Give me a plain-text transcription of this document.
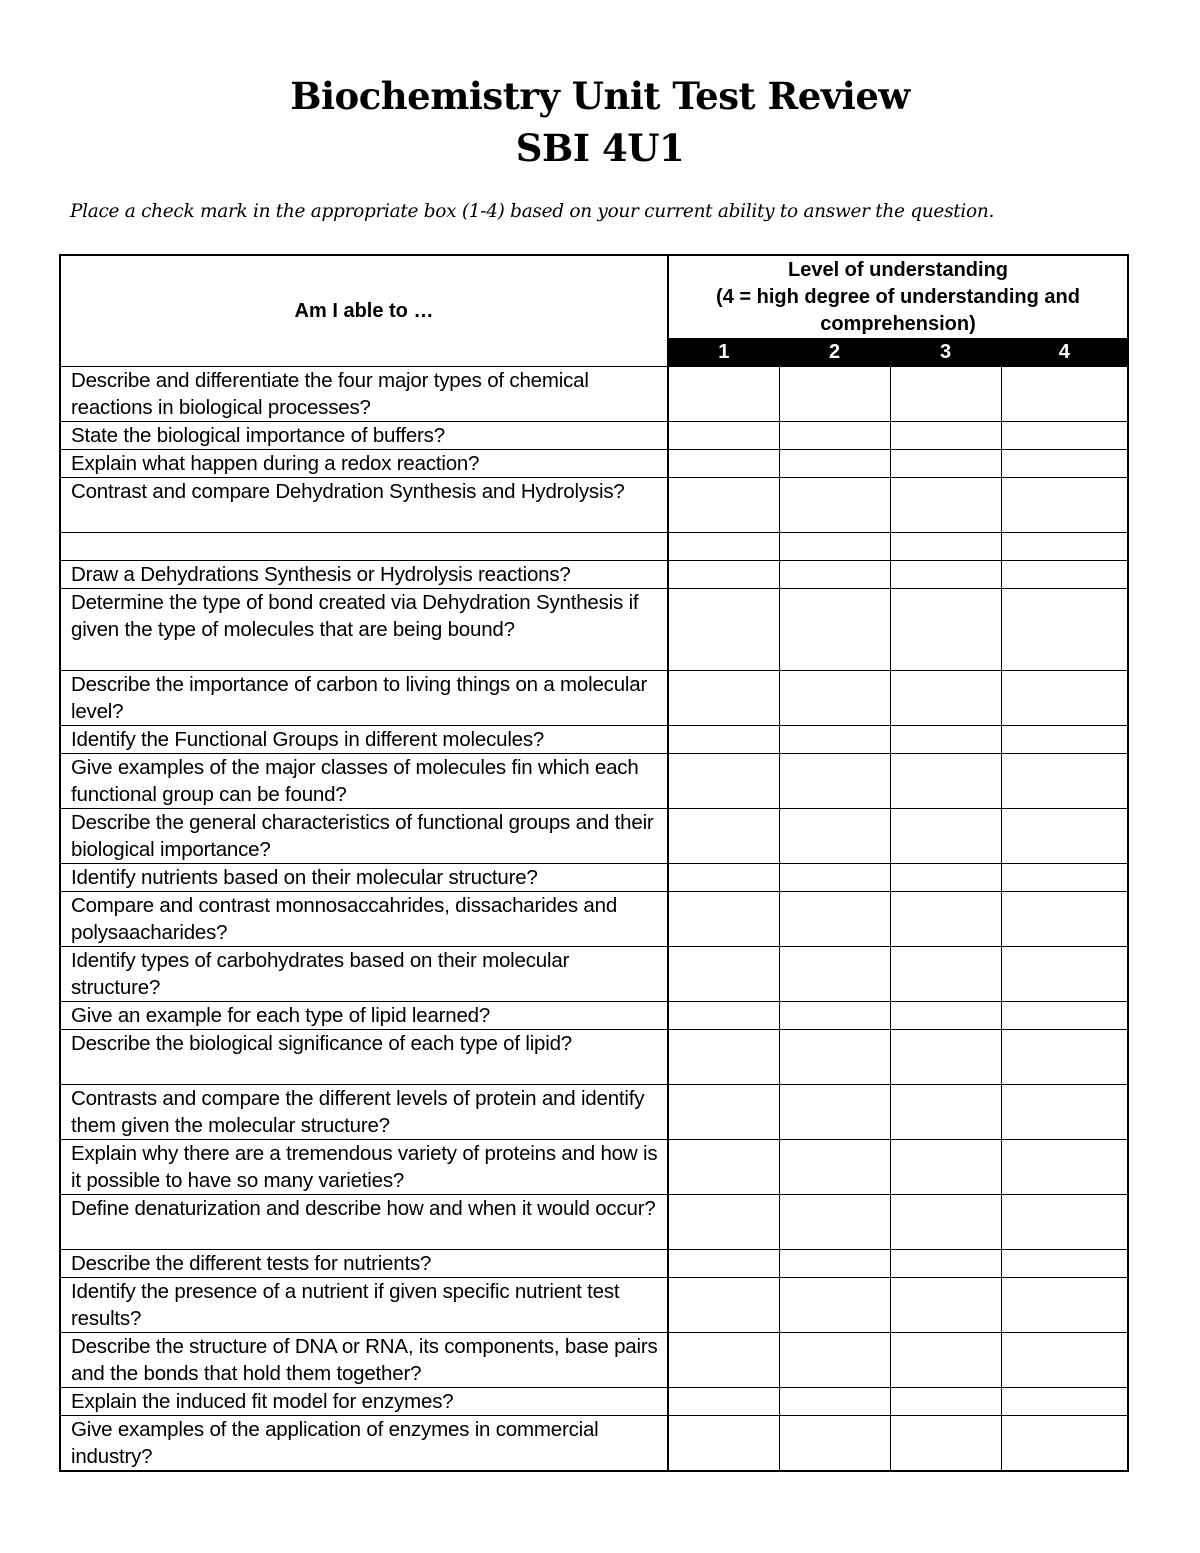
Biochemistry Unit Test Review
SBI 4U1

Place a check mark in the appropriate box (1-4) based on your current ability to answer the question.

Am I able to …	Level of understanding
(4 = high degree of understanding and comprehension)			
	1	2	3	4
Describe and differentiate the four major types of chemical reactions in biological processes?				
State the biological importance of buffers?				
Explain what happen during a redox reaction?				
Contrast and compare Dehydration Synthesis and Hydrolysis?				

Draw a Dehydrations Synthesis or Hydrolysis reactions?				
Determine the type of bond created via Dehydration Synthesis if given the type of molecules that are being bound?				
Describe the importance of carbon to living things on a molecular level?				
Identify the Functional Groups in different molecules?				
Give examples of the major classes of molecules fin which each functional group can be found?				
Describe the general characteristics of functional groups and their biological importance?				
Identify nutrients based on their molecular structure?				
Compare and contrast monnosaccahrides, dissacharides and polysaacharides?				
Identify types of carbohydrates based on their molecular structure?				
Give an example for each type of lipid learned?				
Describe the biological significance of each type of lipid?				
Contrasts and compare the different levels of protein and identify them given the molecular structure?				
Explain why there are a tremendous variety of proteins and how is it possible to have so many varieties?				
Define denaturization and describe how and when it would occur?				
Describe the different tests for nutrients?				
Identify the presence of a nutrient if given specific nutrient test results?				
Describe the structure of DNA or RNA, its components, base pairs and the bonds that hold them together?				
Explain the induced fit model for enzymes?				
Give examples of the application of enzymes in commercial industry?				
